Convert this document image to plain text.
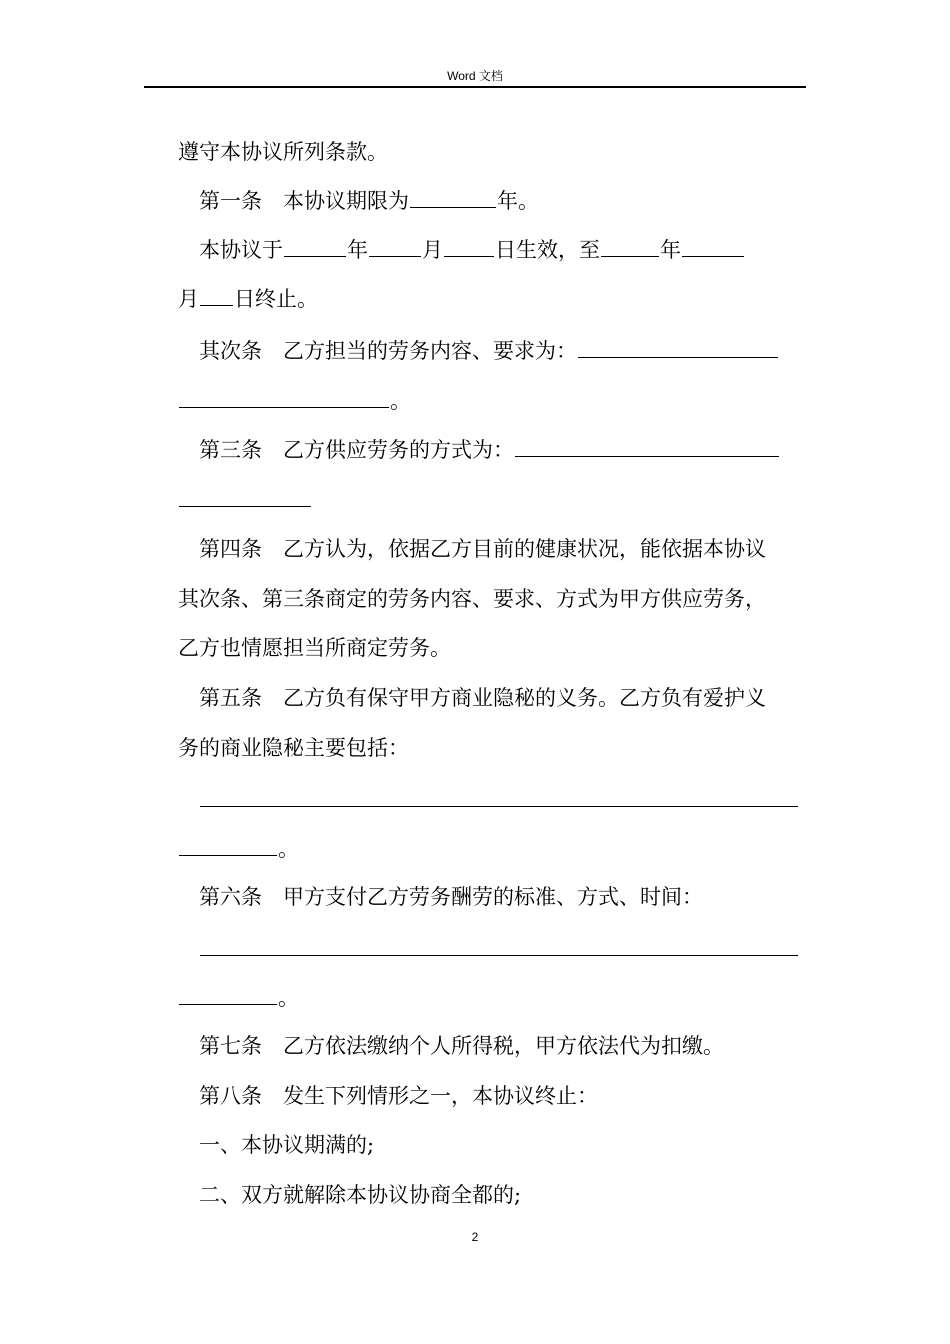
Word 文档
遵守本协议所列条款。
第一条 本协议期限为	年。
本协议于	年	月 日生效，至	年
月 日终止。
其次条 乙方担当的劳务内容、要求为：
。
第三条 乙方供应劳务的方式为：
第四条 乙方认为，依据乙方目前的健康状况，能依据本协议
其次条、第三条商定的劳务内容、要求、方式为甲方供应劳务，
乙方也情愿担当所商定劳务。
第五条 乙方负有保守甲方商业隐秘的义务。乙方负有爱护义
务的商业隐秘主要包括：
。
第六条 甲方支付乙方劳务酬劳的标准、方式、时间：
。
第七条 乙方依法缴纳个人所得税，甲方依法代为扣缴。
第八条 发生下列情形之一，本协议终止：
一、本协议期满的;
二、双方就解除本协议协商全都的;
2
